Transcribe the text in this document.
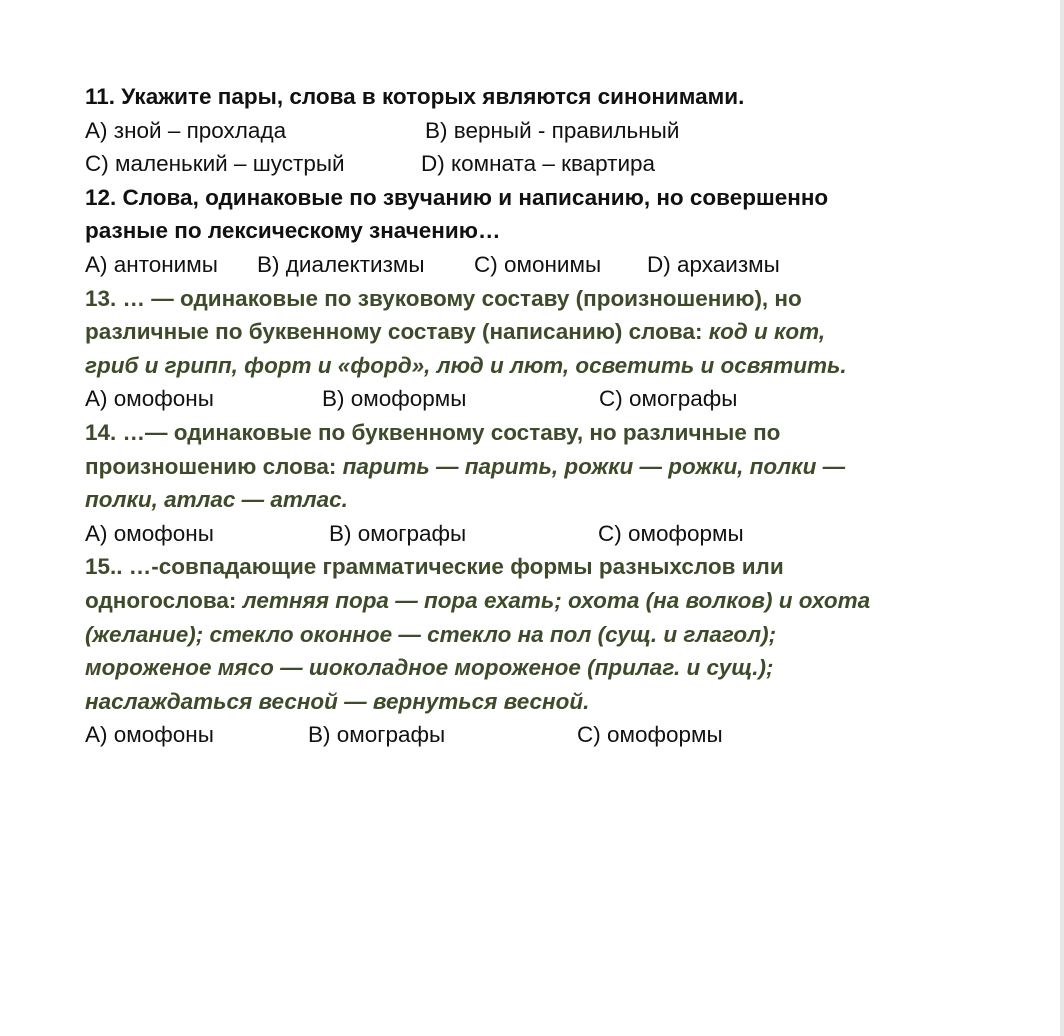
11. Укажите пары, слова в которых являются синонимами.
А) зной – прохлада	В) верный - правильный
С) маленький – шустрый	D) комната – квартира
12. Слова, одинаковые по звучанию и написанию, но совершенно
разные по лексическому значению…
А) антонимы В) диалектизмы С) омонимы D) архаизмы
13. … — одинаковые по звуковому составу (произношению), но
различные по буквенному составу (написанию) слова: код и кот,
гриб и грипп, форт и «форд», люд и лют, осветить и освятить.
А) омофоны	В) омоформы	С) омографы
14. …— одинаковые по буквенному составу, но различные по
произношению слова: парить — парить, рожки — рожки, полки —
полки, атлас — атлас.
А) омофоны	В) омографы	С) омоформы
15.. …-совпадающие грамматические формы разныхслов или
одногослова: летняя пора — пора ехать; охота (на волков) и охота
(желание); стекло оконное — стекло на пол (сущ. и глагол);
мороженое мясо — шоколадное мороженое (прилаг. и сущ.);
наслаждаться весной — вернуться весной.
А) омофоны	В) омографы	С) омоформы
